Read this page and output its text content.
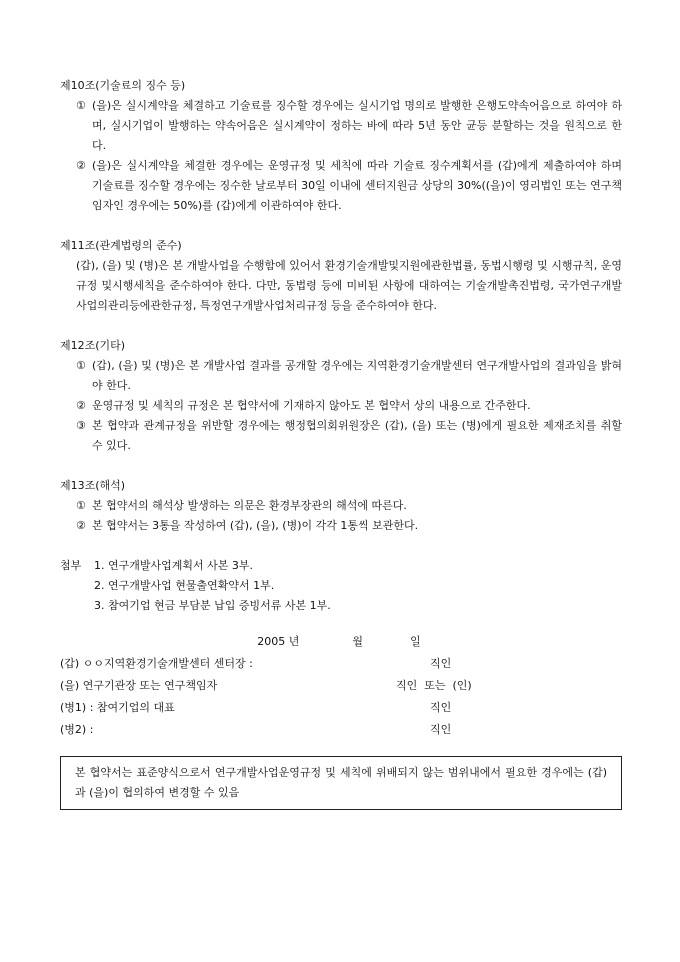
제10조(기술료의 징수 등)
① (을)은 실시계약을 체결하고 기술료를 징수할 경우에는 실시기업 명의로 발행한 은행도약속어음으로 하여야 하며, 실시기업이 발행하는 약속어음은 실시계약이 정하는 바에 따라 5년 동안 균등 분할하는 것을 원칙으로 한다.
② (을)은 실시계약을 체결한 경우에는 운영규정 및 세칙에 따라 기술료 징수계획서를 (갑)에게 제출하여야 하며 기술료를 징수할 경우에는 징수한 날로부터 30일 이내에 센터지원금 상당의 30%((을)이 영리법인 또는 연구책임자인 경우에는 50%)를 (갑)에게 이관하여야 한다.
제11조(관계법령의 준수)
(갑), (을) 및 (병)은 본 개발사업을 수행함에 있어서 환경기술개발및지원에관한법률, 동법시행령 및 시행규칙, 운영규정 및시행세칙을 준수하여야 한다. 다만, 동법령 등에 미비된 사항에 대하여는 기술개발촉진법령, 국가연구개발사업의관리등에관한규정, 특정연구개발사업처리규정 등을 준수하여야 한다.
제12조(기타)
① (갑), (을) 및 (병)은 본 개발사업 결과를 공개할 경우에는 지역환경기술개발센터 연구개발사업의 결과임을 밝혀야 한다.
② 운영규정 및 세칙의 규정은 본 협약서에 기재하지 않아도 본 협약서 상의 내용으로 간주한다.
③ 본 협약과 관계규정을 위반할 경우에는 행정협의회위원장은 (갑), (을) 또는 (병)에게 필요한 제재조치를 취할 수 있다.
제13조(해석)
① 본 협약서의 해석상 발생하는 의문은 환경부장관의 해석에 따른다.
② 본 협약서는 3통을 작성하여 (갑), (을), (병)이 각각 1통씩 보관한다.
첨부	1. 연구개발사업계획서 사본 3부.
2. 연구개발사업 현물출연확약서 1부.
3. 참여기업 현금 부담분 납입 증빙서류 사본 1부.
2005 년	월	일
(갑) ㅇㅇ지역환경기술개발센터 센터장 :	직인
(을) 연구기관장 또는 연구책임자	직인  또는  (인)
(병1) : 참여기업의 대표	직인
(병2) :	직인
본 협약서는 표준양식으로서 연구개발사업운영규정 및 세칙에 위배되지 않는 범위내에서 필요한 경우에는 (갑)과 (을)이 협의하여 변경할 수 있음
